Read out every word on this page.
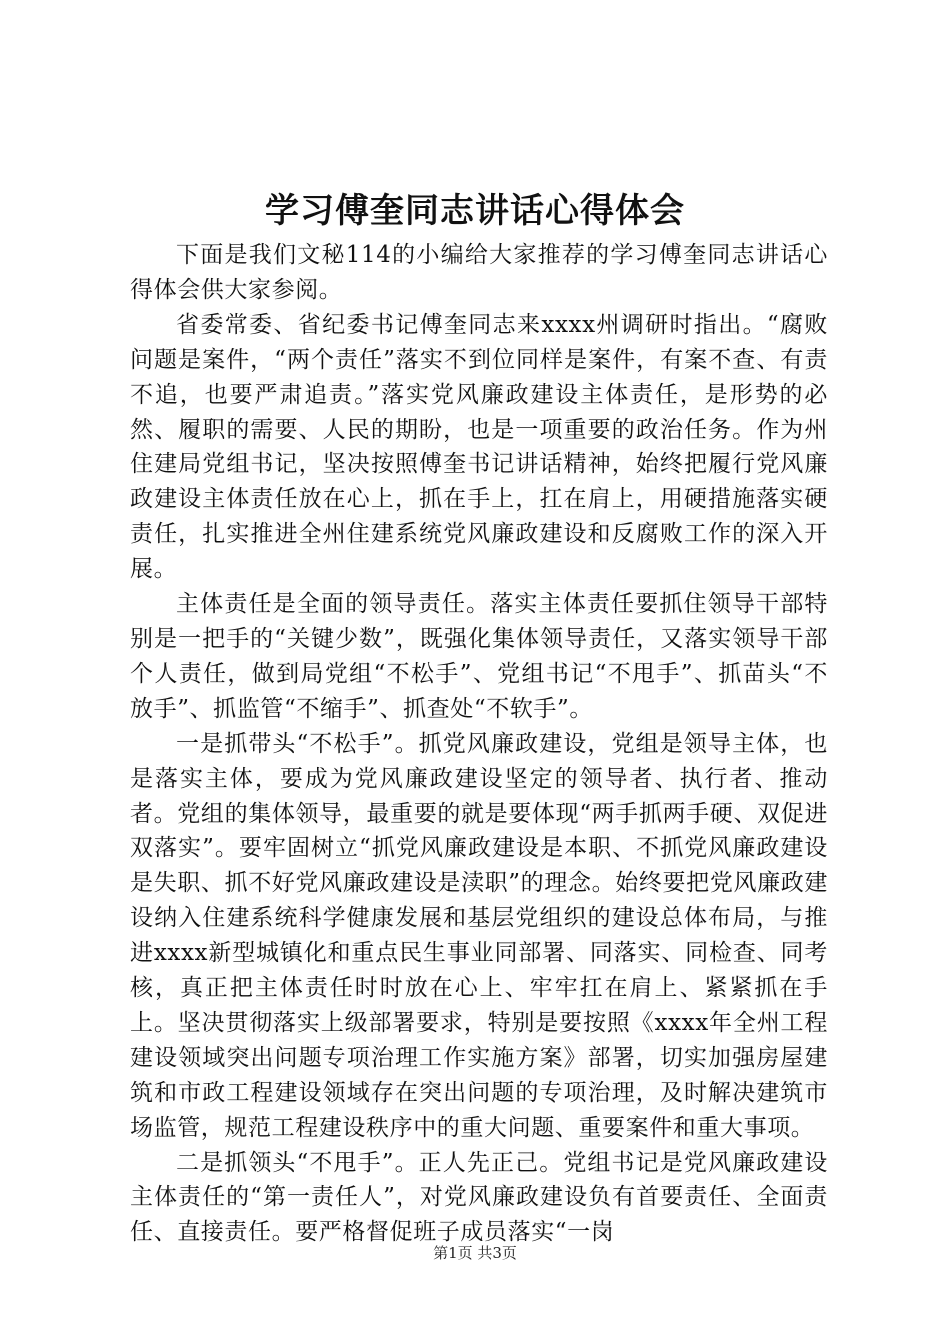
学习傅奎同志讲话心得体会

下面是我们文秘114的小编给大家推荐的学习傅奎同志讲话心得体会供大家参阅。

省委常委、省纪委书记傅奎同志来xxxx州调研时指出。“腐败问题是案件，“两个责任”落实不到位同样是案件，有案不查、有责不追，也要严肃追责。”落实党风廉政建设主体责任，是形势的必然、履职的需要、人民的期盼，也是一项重要的政治任务。作为州住建局党组书记，坚决按照傅奎书记讲话精神，始终把履行党风廉政建设主体责任放在心上，抓在手上，扛在肩上，用硬措施落实硬责任，扎实推进全州住建系统党风廉政建设和反腐败工作的深入开展。

主体责任是全面的领导责任。落实主体责任要抓住领导干部特别是一把手的“关键少数”，既强化集体领导责任，又落实领导干部个人责任，做到局党组“不松手”、党组书记“不甩手”、抓苗头“不放手”、抓监管“不缩手”、抓查处“不软手”。

一是抓带头“不松手”。抓党风廉政建设，党组是领导主体，也是落实主体，要成为党风廉政建设坚定的领导者、执行者、推动者。党组的集体领导，最重要的就是要体现“两手抓两手硬、双促进双落实”。要牢固树立“抓党风廉政建设是本职、不抓党风廉政建设是失职、抓不好党风廉政建设是渎职”的理念。始终要把党风廉政建设纳入住建系统科学健康发展和基层党组织的建设总体布局，与推进xxxx新型城镇化和重点民生事业同部署、同落实、同检查、同考核，真正把主体责任时时放在心上、牢牢扛在肩上、紧紧抓在手上。坚决贯彻落实上级部署要求，特别是要按照《xxxx年全州工程建设领域突出问题专项治理工作实施方案》部署，切实加强房屋建筑和市政工程建设领域存在突出问题的专项治理，及时解决建筑市场监管，规范工程建设秩序中的重大问题、重要案件和重大事项。

二是抓领头“不甩手”。正人先正己。党组书记是党风廉政建设主体责任的“第一责任人”，对党风廉政建设负有首要责任、全面责任、直接责任。要严格督促班子成员落实“一岗

第1页 共3页
